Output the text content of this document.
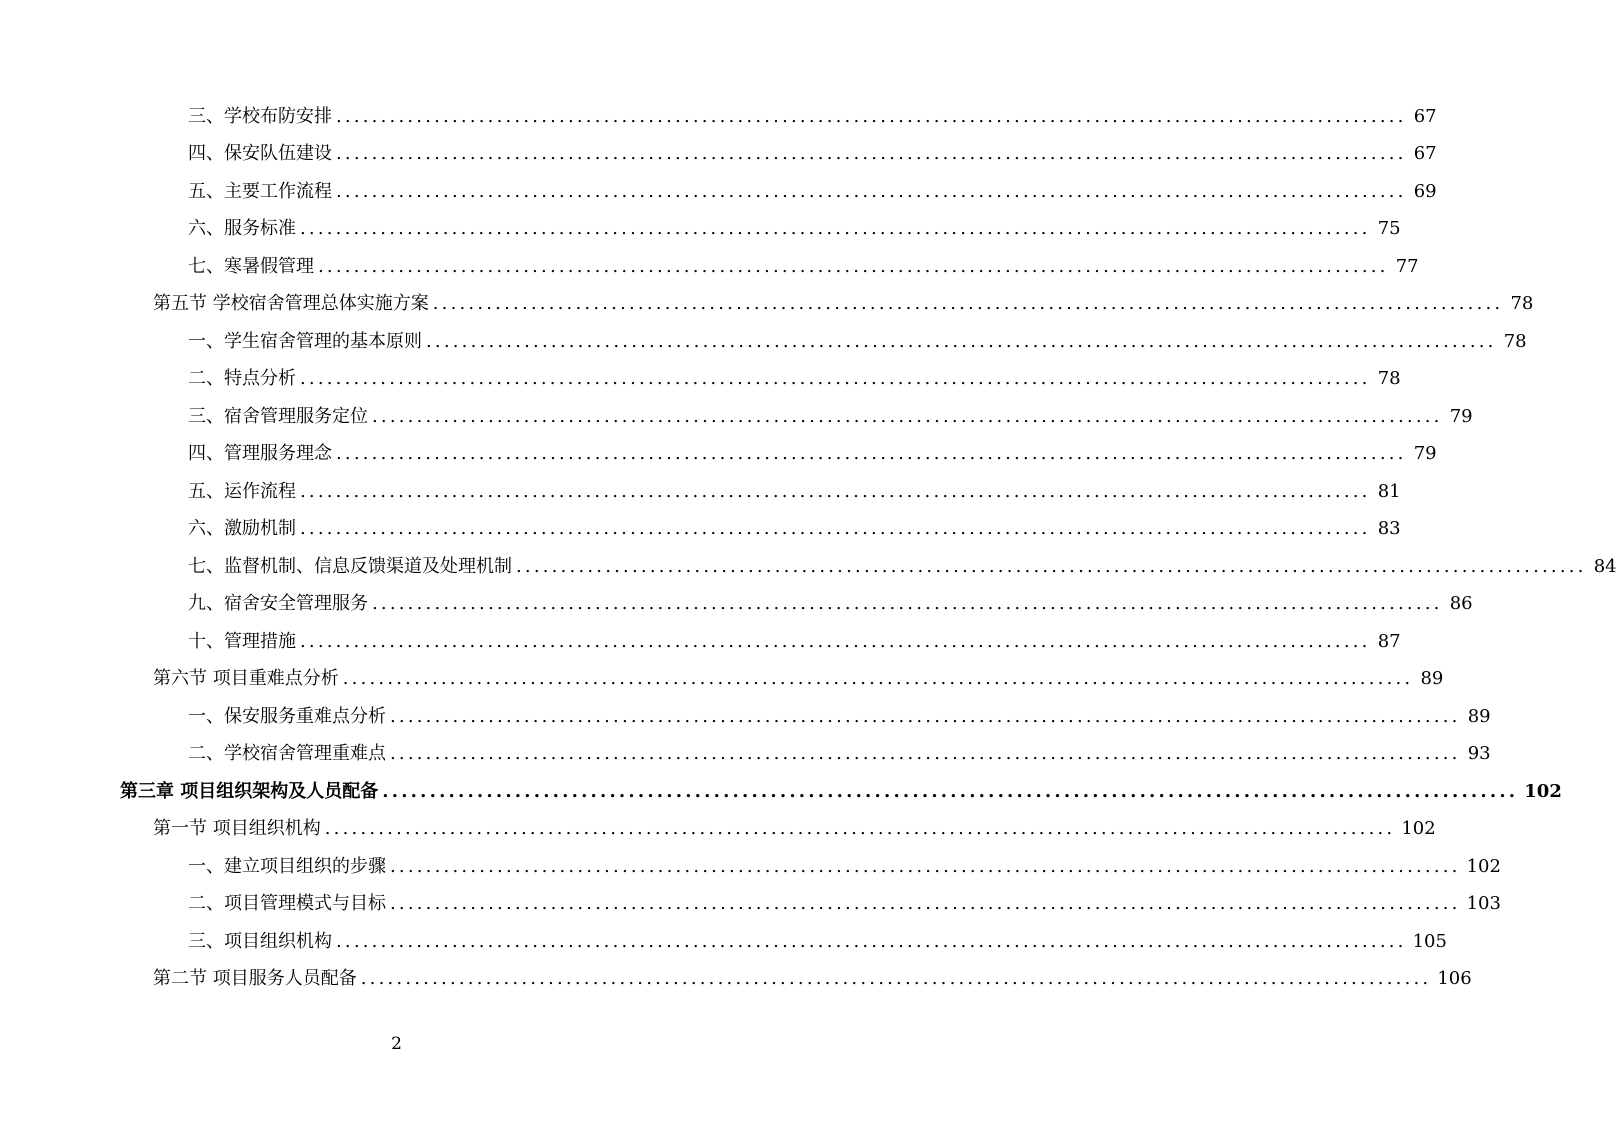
三、学校布防安排 ........................................................................................................................ 67
四、保安队伍建设 ........................................................................................................................ 67
五、主要工作流程 ........................................................................................................................ 69
六、服务标准 ........................................................................................................................ 75
七、寒暑假管理 ........................................................................................................................ 77
第五节 学校宿舍管理总体实施方案 ........................................................................................................................ 78
一、学生宿舍管理的基本原则 ........................................................................................................................ 78
二、特点分析 ........................................................................................................................ 78
三、宿舍管理服务定位 ........................................................................................................................ 79
四、管理服务理念 ........................................................................................................................ 79
五、运作流程 ........................................................................................................................ 81
六、激励机制 ........................................................................................................................ 83
七、监督机制、信息反馈渠道及处理机制 ........................................................................................................................ 84
九、宿舍安全管理服务 ........................................................................................................................ 86
十、管理措施 ........................................................................................................................ 87
第六节 项目重难点分析 ........................................................................................................................ 89
一、保安服务重难点分析 ........................................................................................................................ 89
二、学校宿舍管理重难点 ........................................................................................................................ 93
第三章 项目组织架构及人员配备 ........................................................................................................................ 102
第一节 项目组织机构 ........................................................................................................................ 102
一、建立项目组织的步骤 ........................................................................................................................ 102
二、项目管理模式与目标 ........................................................................................................................ 103
三、项目组织机构 ........................................................................................................................ 105
第二节 项目服务人员配备 ........................................................................................................................ 106
2
